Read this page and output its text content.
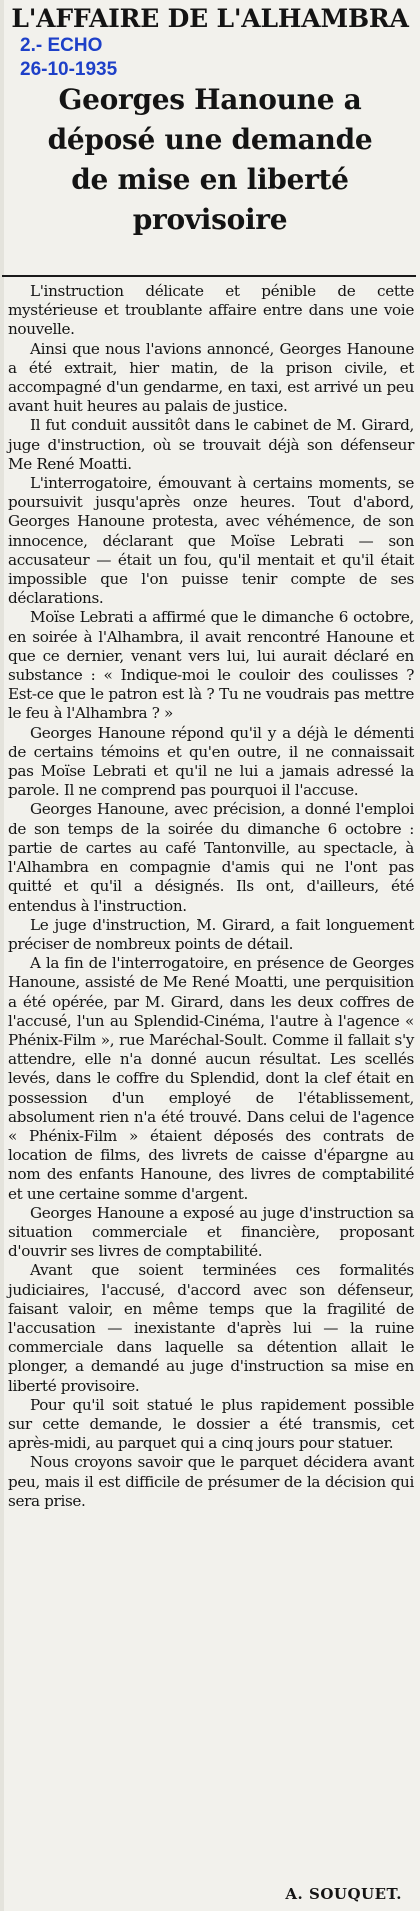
L'AFFAIRE DE L'ALHAMBRA
2.- ECHO
26-10-1935
Georges Hanoune a déposé une demande de mise en liberté provisoire

L'instruction délicate et pénible de cette mystérieuse et troublante affaire entre dans une voie nouvelle.

Ainsi que nous l'avions annoncé, Georges Hanoune a été extrait, hier matin, de la prison civile, et accompagné d'un gendarme, en taxi, est arrivé un peu avant huit heures au palais de justice.

Il fut conduit aussitôt dans le cabinet de M. Girard, juge d'instruction, où se trouvait déjà son défenseur Me René Moatti.

L'interrogatoire, émouvant à certains moments, se poursuivit jusqu'après onze heures. Tout d'abord, Georges Hanoune protesta, avec véhémence, de son innocence, déclarant que Moïse Lebrati — son accusateur — était un fou, qu'il mentait et qu'il était impossible que l'on puisse tenir compte de ses déclarations.

Moïse Lebrati a affirmé que le dimanche 6 octobre, en soirée à l'Alhambra, il avait rencontré Hanoune et que ce dernier, venant vers lui, lui aurait déclaré en substance : « Indique-moi le couloir des coulisses ? Est-ce que le patron est là ? Tu ne voudrais pas mettre le feu à l'Alhambra ? »

Georges Hanoune répond qu'il y a déjà le démenti de certains témoins et qu'en outre, il ne connaissait pas Moïse Lebrati et qu'il ne lui a jamais adressé la parole. Il ne comprend pas pourquoi il l'accuse.

Georges Hanoune, avec précision, a donné l'emploi de son temps de la soirée du dimanche 6 octobre : partie de cartes au café Tantonville, au spectacle, à l'Alhambra en compagnie d'amis qui ne l'ont pas quitté et qu'il a désignés. Ils ont, d'ailleurs, été entendus à l'instruction.

Le juge d'instruction, M. Girard, a fait longuement préciser de nombreux points de détail.

A la fin de l'interrogatoire, en présence de Georges Hanoune, assisté de Me René Moatti, une perquisition a été opérée, par M. Girard, dans les deux coffres de l'accusé, l'un au Splendid-Cinéma, l'autre à l'agence « Phénix-Film », rue Maréchal-Soult. Comme il fallait s'y attendre, elle n'a donné aucun résultat. Les scellés levés, dans le coffre du Splendid, dont la clef était en possession d'un employé de l'établissement, absolument rien n'a été trouvé. Dans celui de l'agence « Phénix-Film » étaient déposés des contrats de location de films, des livrets de caisse d'épargne au nom des enfants Hanoune, des livres de comptabilité et une certaine somme d'argent.

Georges Hanoune a exposé au juge d'instruction sa situation commerciale et financière, proposant d'ouvrir ses livres de comptabilité.

Avant que soient terminées ces formalités judiciaires, l'accusé, d'accord avec son défenseur, faisant valoir, en même temps que la fragilité de l'accusation — inexistante d'après lui — la ruine commerciale dans laquelle sa détention allait le plonger, a demandé au juge d'instruction sa mise en liberté provisoire.

Pour qu'il soit statué le plus rapidement possible sur cette demande, le dossier a été transmis, cet après-midi, au parquet qui a cinq jours pour statuer.

Nous croyons savoir que le parquet décidera avant peu, mais il est difficile de présumer de la décision qui sera prise.

A. SOUQUET.
